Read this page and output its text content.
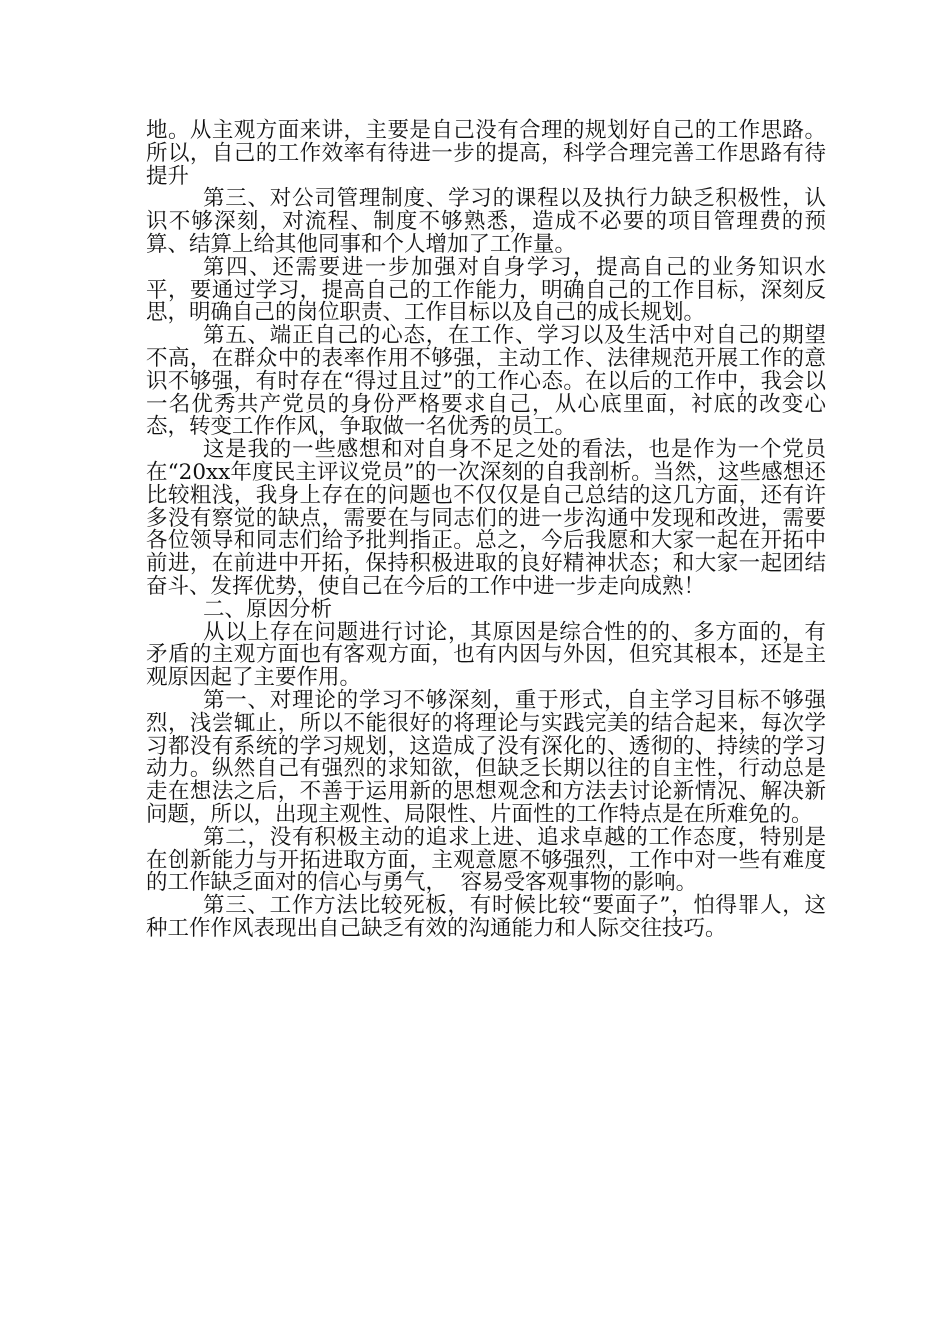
地。从主观方面来讲，主要是自己没有合理的规划好自己的工作思路。所以，自己的工作效率有待进一步的提高，科学合理完善工作思路有待提升

第三、对公司管理制度、学习的课程以及执行力缺乏积极性，认识不够深刻，对流程、制度不够熟悉，造成不必要的项目管理费的预算、结算上给其他同事和个人增加了工作量。

第四、还需要进一步加强对自身学习，提高自己的业务知识水平，要通过学习，提高自己的工作能力，明确自己的工作目标，深刻反思，明确自己的岗位职责、工作目标以及自己的成长规划。

第五、端正自己的心态，在工作、学习以及生活中对自己的期望不高，在群众中的表率作用不够强，主动工作、法律规范开展工作的意识不够强，有时存在“得过且过”的工作心态。在以后的工作中，我会以一名优秀共产党员的身份严格要求自己，从心底里面，衬底的改变心态，转变工作作风，争取做一名优秀的员工。

这是我的一些感想和对自身不足之处的看法，也是作为一个党员在“20xx年度民主评议党员”的一次深刻的自我剖析。当然，这些感想还比较粗浅，我身上存在的问题也不仅仅是自己总结的这几方面，还有许多没有察觉的缺点，需要在与同志们的进一步沟通中发现和改进，需要各位领导和同志们给予批判指正。总之，今后我愿和大家一起在开拓中前进，在前进中开拓，保持积极进取的良好精神状态；和大家一起团结奋斗、发挥优势，使自己在今后的工作中进一步走向成熟！

二、原因分析

从以上存在问题进行讨论，其原因是综合性的的、多方面的，有矛盾的主观方面也有客观方面，也有内因与外因，但究其根本，还是主观原因起了主要作用。

第一、对理论的学习不够深刻，重于形式，自主学习目标不够强烈，浅尝辄止，所以不能很好的将理论与实践完美的结合起来，每次学习都没有系统的学习规划，这造成了没有深化的、透彻的、持续的学习动力。纵然自己有强烈的求知欲，但缺乏长期以往的自主性，行动总是走在想法之后，不善于运用新的思想观念和方法去讨论新情况、解决新问题，所以，出现主观性、局限性、片面性的工作特点是在所难免的。

第二，没有积极主动的追求上进、追求卓越的工作态度，特别是在创新能力与开拓进取方面，主观意愿不够强烈，工作中对一些有难度的工作缺乏面对的信心与勇气，  容易受客观事物的影响。

第三、工作方法比较死板，有时候比较“要面子”，怕得罪人，这种工作作风表现出自己缺乏有效的沟通能力和人际交往技巧。
